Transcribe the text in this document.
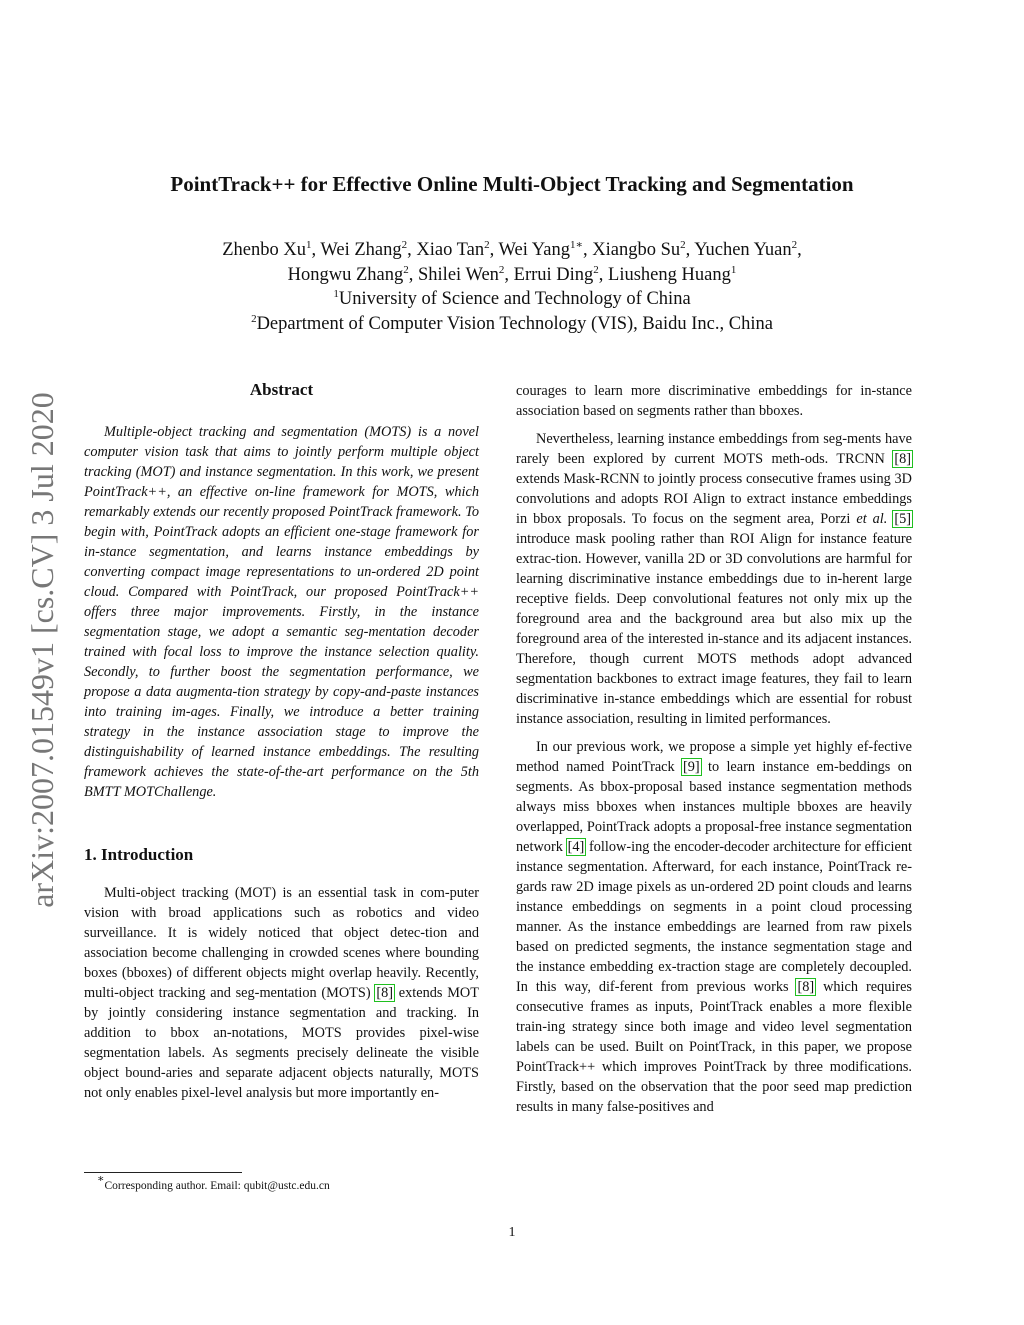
PointTrack++ for Effective Online Multi-Object Tracking and Segmentation
Zhenbo Xu$^1$, Wei Zhang$^2$, Xiao Tan$^2$, Wei Yang$^{1∗}$, Xiangbo Su$^2$, Yuchen Yuan$^2$,
Hongwu Zhang$^2$, Shilei Wen$^2$, Errui Ding$^2$, Liusheng Huang$^1$
$^1$University of Science and Technology of China
$^2$Department of Computer Vision Technology (VIS), Baidu Inc., China
arXiv:2007.01549v1 [cs.CV] 3 Jul 2020
Abstract

Multiple-object tracking and segmentation (MOTS) is a novel computer vision task that aims to jointly perform multiple object tracking (MOT) and instance segmentation. In this work, we present PointTrack++, an effective on-line framework for MOTS, which remarkably extends our recently proposed PointTrack framework. To begin with, PointTrack adopts an efficient one-stage framework for in-stance segmentation, and learns instance embeddings by converting compact image representations to un-ordered 2D point cloud. Compared with PointTrack, our proposed PointTrack++ offers three major improvements. Firstly, in the instance segmentation stage, we adopt a semantic seg-mentation decoder trained with focal loss to improve the instance selection quality. Secondly, to further boost the segmentation performance, we propose a data augmenta-tion strategy by copy-and-paste instances into training im-ages. Finally, we introduce a better training strategy in the instance association stage to improve the distinguishability of learned instance embeddings. The resulting framework achieves the state-of-the-art performance on the 5th BMTT MOTChallenge.

1. Introduction

Multi-object tracking (MOT) is an essential task in com-puter vision with broad applications such as robotics and video surveillance. It is widely noticed that object detec-tion and association become challenging in crowded scenes where bounding boxes (bboxes) of different objects might overlap heavily. Recently, multi-object tracking and seg-mentation (MOTS) [8] extends MOT by jointly considering instance segmentation and tracking. In addition to bbox an-notations, MOTS provides pixel-wise segmentation labels. As segments precisely delineate the visible object bound-aries and separate adjacent objects naturally, MOTS not only enables pixel-level analysis but more importantly en-

courages to learn more discriminative embeddings for in-stance association based on segments rather than bboxes.

Nevertheless, learning instance embeddings from seg-ments have rarely been explored by current MOTS meth-ods. TRCNN [8] extends Mask-RCNN to jointly process consecutive frames using 3D convolutions and adopts ROI Align to extract instance embeddings in bbox proposals. To focus on the segment area, Porzi et al. [5] introduce mask pooling rather than ROI Align for instance feature extrac-tion. However, vanilla 2D or 3D convolutions are harmful for learning discriminative instance embeddings due to in-herent large receptive fields. Deep convolutional features not only mix up the foreground area and the background area but also mix up the foreground area of the interested in-stance and its adjacent instances. Therefore, though current MOTS methods adopt advanced segmentation backbones to extract image features, they fail to learn discriminative in-stance embeddings which are essential for robust instance association, resulting in limited performances.

In our previous work, we propose a simple yet highly ef-fective method named PointTrack [9] to learn instance em-beddings on segments. As bbox-proposal based instance segmentation methods always miss bboxes when instances multiple bboxes are heavily overlapped, PointTrack adopts a proposal-free instance segmentation network [4] follow-ing the encoder-decoder architecture for efficient instance segmentation. Afterward, for each instance, PointTrack re-gards raw 2D image pixels as un-ordered 2D point clouds and learns instance embeddings on segments in a point cloud processing manner. As the instance embeddings are learned from raw pixels based on predicted segments, the instance segmentation stage and the instance embedding ex-traction stage are completely decoupled. In this way, dif-ferent from previous works [8] which requires consecutive frames as inputs, PointTrack enables a more flexible train-ing strategy since both image and video level segmentation labels can be used. Built on PointTrack, in this paper, we propose PointTrack++ which improves PointTrack by three modifications. Firstly, based on the observation that the poor seed map prediction results in many false-positives and

∗Corresponding author. Email: qubit@ustc.edu.cn
1
